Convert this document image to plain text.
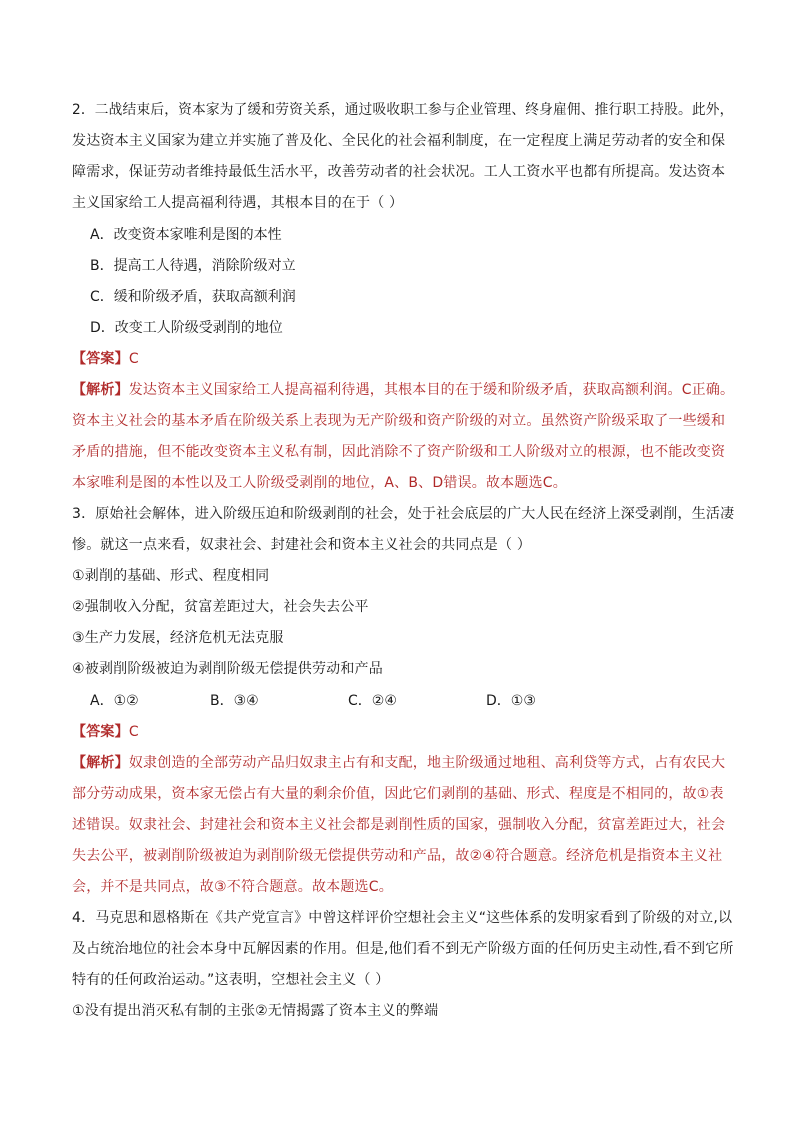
2．二战结束后，资本家为了缓和劳资关系，通过吸收职工参与企业管理、终身雇佣、推行职工持股。此外，
发达资本主义国家为建立并实施了普及化、全民化的社会福利制度，在一定程度上满足劳动者的安全和保
障需求，保证劳动者维持最低生活水平，改善劳动者的社会状况。工人工资水平也都有所提高。发达资本
主义国家给工人提高福利待遇，其根本目的在于（ ）
A．改变资本家唯利是图的本性
B．提高工人待遇，消除阶级对立
C．缓和阶级矛盾，获取高额利润
D．改变工人阶级受剥削的地位
【答案】C
【解析】发达资本主义国家给工人提高福利待遇，其根本目的在于缓和阶级矛盾，获取高额利润。C正确。
资本主义社会的基本矛盾在阶级关系上表现为无产阶级和资产阶级的对立。虽然资产阶级采取了一些缓和
矛盾的措施，但不能改变资本主义私有制，因此消除不了资产阶级和工人阶级对立的根源，也不能改变资
本家唯利是图的本性以及工人阶级受剥削的地位，A、B、D错误。故本题选C。
3．原始社会解体，进入阶级压迫和阶级剥削的社会，处于社会底层的广大人民在经济上深受剥削，生活凄
惨。就这一点来看，奴隶社会、封建社会和资本主义社会的共同点是（ ）
①剥削的基础、形式、程度相同
②强制收入分配，贫富差距过大，社会失去公平
③生产力发展，经济危机无法克服
④被剥削阶级被迫为剥削阶级无偿提供劳动和产品
A．①②	B．③④	C．②④	D．①③
【答案】C
【解析】奴隶创造的全部劳动产品归奴隶主占有和支配，地主阶级通过地租、高利贷等方式，占有农民大
部分劳动成果，资本家无偿占有大量的剩余价值，因此它们剥削的基础、形式、程度是不相同的，故①表
述错误。奴隶社会、封建社会和资本主义社会都是剥削性质的国家，强制收入分配，贫富差距过大，社会
失去公平，被剥削阶级被迫为剥削阶级无偿提供劳动和产品，故②④符合题意。经济危机是指资本主义社
会，并不是共同点，故③不符合题意。故本题选C。
4．马克思和恩格斯在《共产党宣言》中曾这样评价空想社会主义“这些体系的发明家看到了阶级的对立,以
及占统治地位的社会本身中瓦解因素的作用。但是,他们看不到无产阶级方面的任何历史主动性,看不到它所
特有的任何政治运动。”这表明，空想社会主义（ ）
①没有提出消灭私有制的主张②无情揭露了资本主义的弊端
